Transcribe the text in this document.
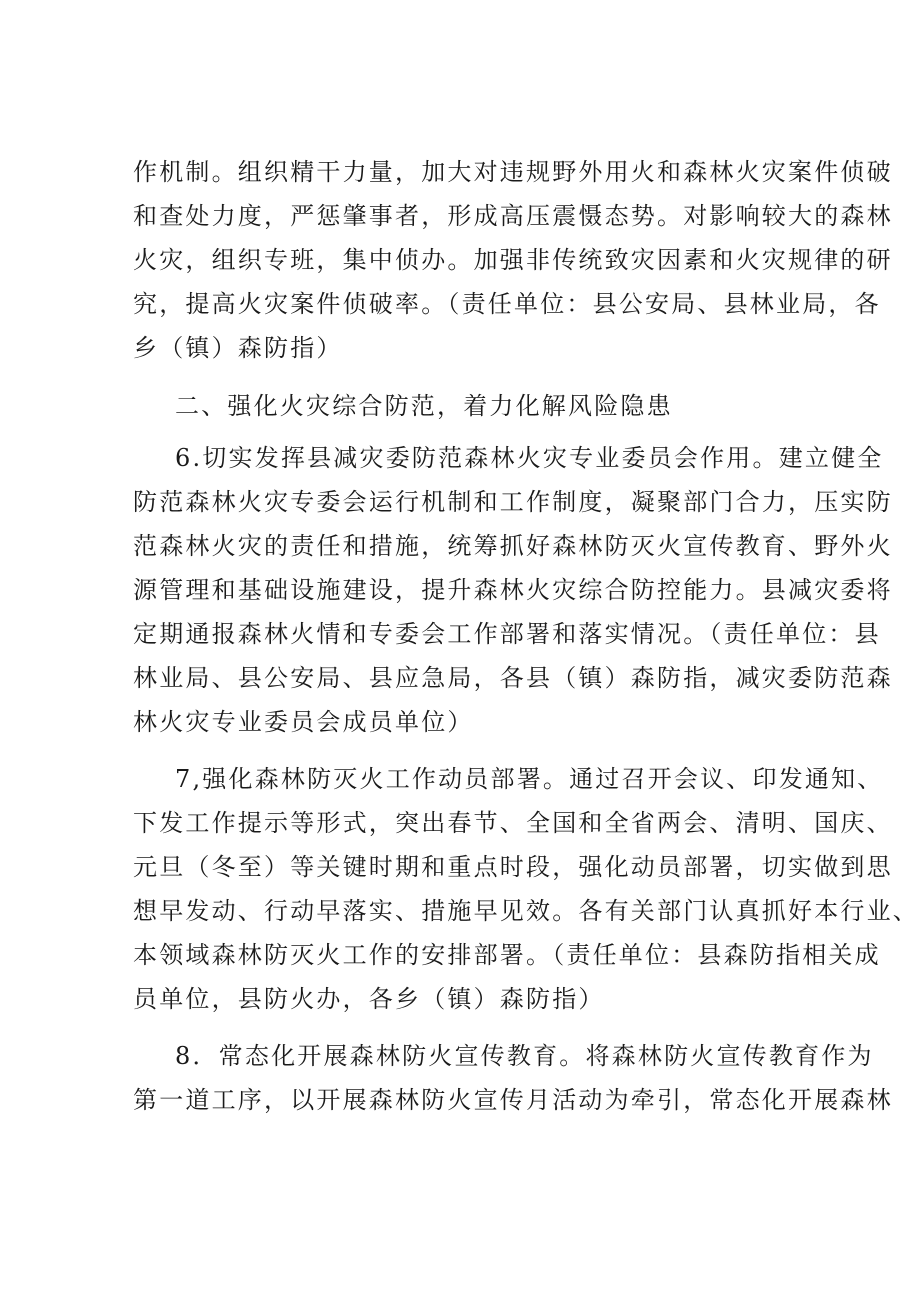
作机制。组织精干力量，加大对违规野外用火和森林火灾案件侦破
和查处力度，严惩肇事者，形成高压震慑态势。对影响较大的森林
火灾，组织专班，集中侦办。加强非传统致灾因素和火灾规律的研
究，提高火灾案件侦破率。（责任单位：县公安局、县林业局，各
乡（镇）森防指）
二、强化火灾综合防范，着力化解风险隐患
6.切实发挥县减灾委防范森林火灾专业委员会作用。建立健全
防范森林火灾专委会运行机制和工作制度，凝聚部门合力，压实防
范森林火灾的责任和措施，统筹抓好森林防灭火宣传教育、野外火
源管理和基础设施建设，提升森林火灾综合防控能力。县减灾委将
定期通报森林火情和专委会工作部署和落实情况。（责任单位：县
林业局、县公安局、县应急局，各县（镇）森防指，减灾委防范森
林火灾专业委员会成员单位）
7,强化森林防灭火工作动员部署。通过召开会议、印发通知、
下发工作提示等形式，突出春节、全国和全省两会、清明、国庆、
元旦（冬至）等关键时期和重点时段，强化动员部署，切实做到思
想早发动、行动早落实、措施早见效。各有关部门认真抓好本行业、
本领域森林防灭火工作的安排部署。（责任单位：县森防指相关成
员单位，县防火办，各乡（镇）森防指）
8．常态化开展森林防火宣传教育。将森林防火宣传教育作为
第一道工序，以开展森林防火宣传月活动为牵引，常态化开展森林
